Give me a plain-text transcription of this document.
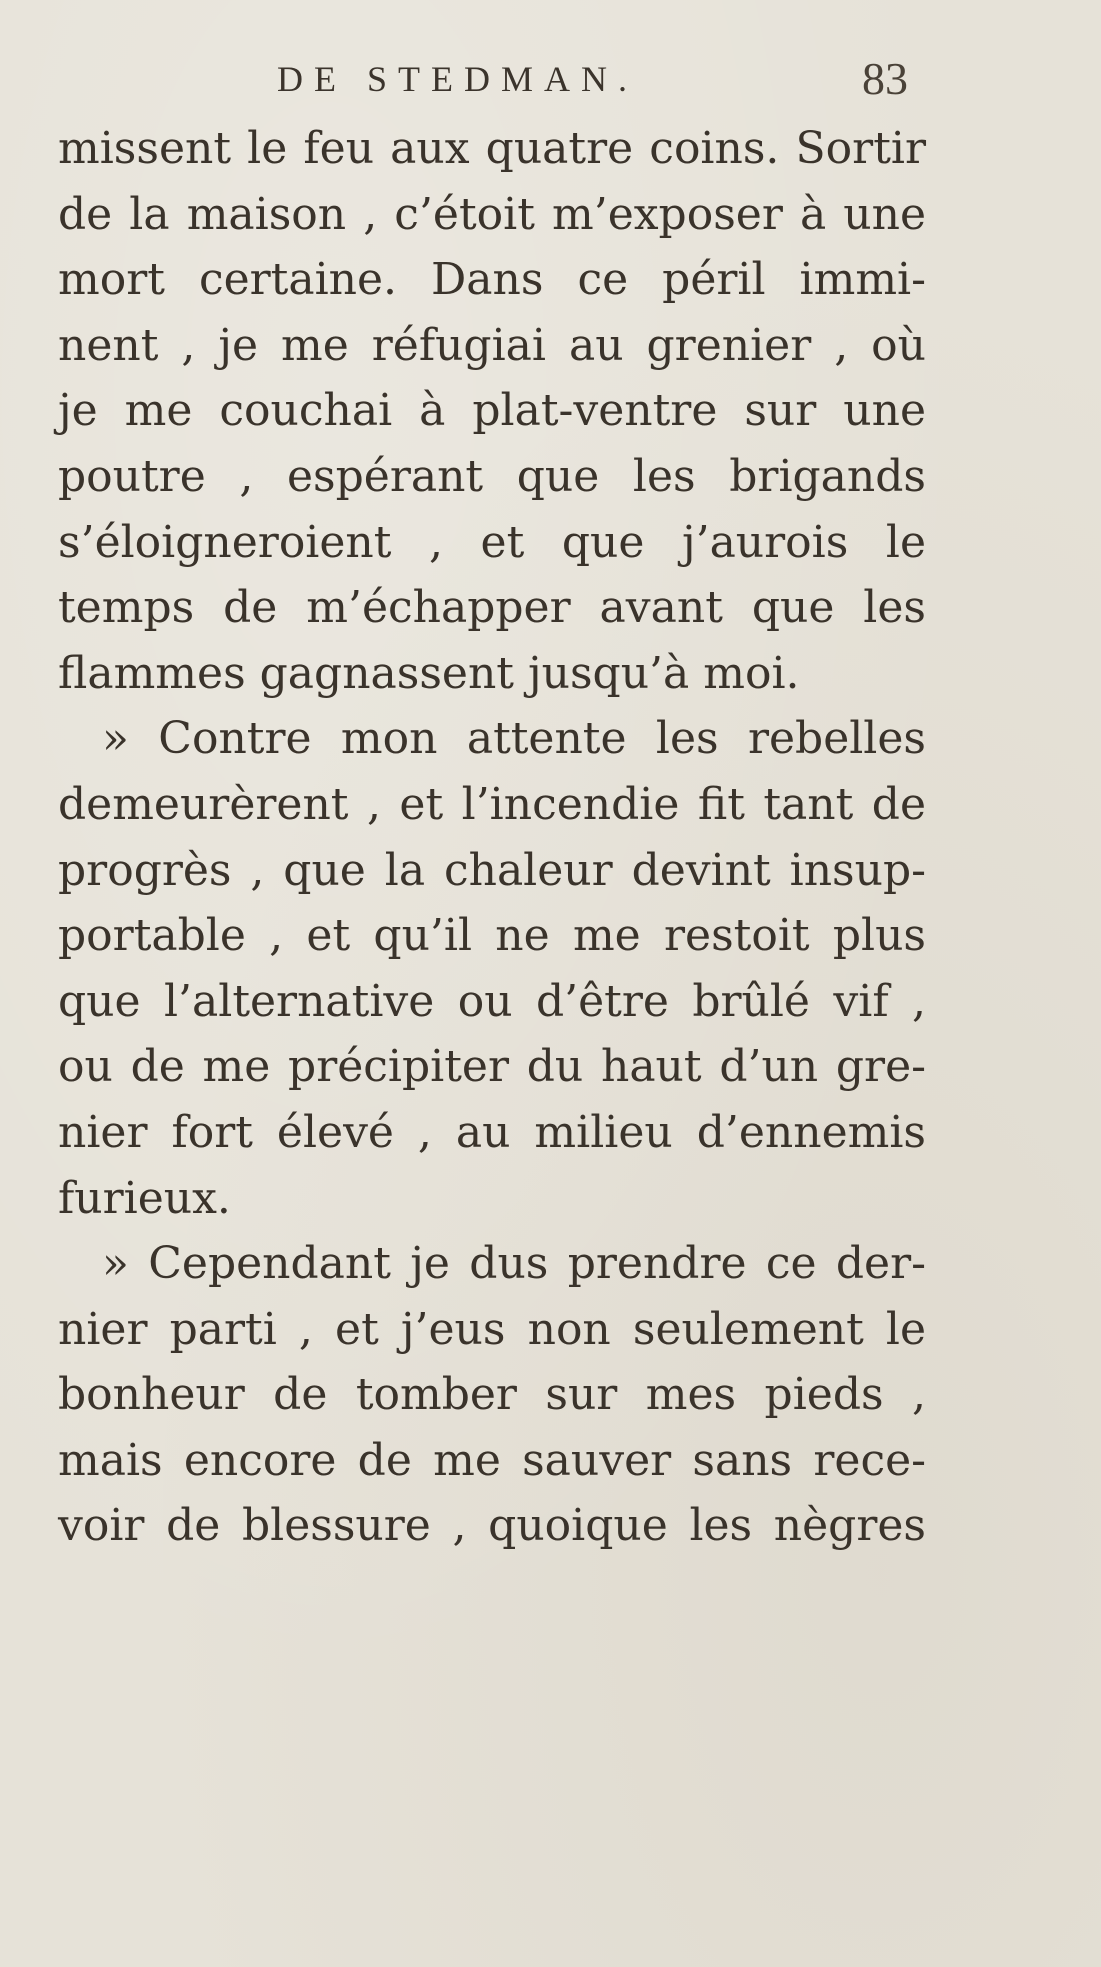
DE STEDMAN.	83
missent le feu aux quatre coins. Sortir
de la maison , c’étoit m’exposer à une
mort certaine. Dans ce péril immi-
nent , je me réfugiai au grenier , où
je me couchai à plat-ventre sur une
poutre , espérant que les brigands
s’éloigneroient , et que j’aurois le
temps de m’échapper avant que les
flammes gagnassent jusqu’à moi.
» Contre mon attente les rebelles
demeurèrent , et l’incendie fit tant de
progrès , que la chaleur devint insup-
portable , et qu’il ne me restoit plus
que l’alternative ou d’être brûlé vif ,
ou de me précipiter du haut d’un gre-
nier fort élevé , au milieu d’ennemis
furieux.
» Cependant je dus prendre ce der-
nier parti , et j’eus non seulement le
bonheur de tomber sur mes pieds ,
mais encore de me sauver sans rece-
voir de blessure , quoique les nègres
